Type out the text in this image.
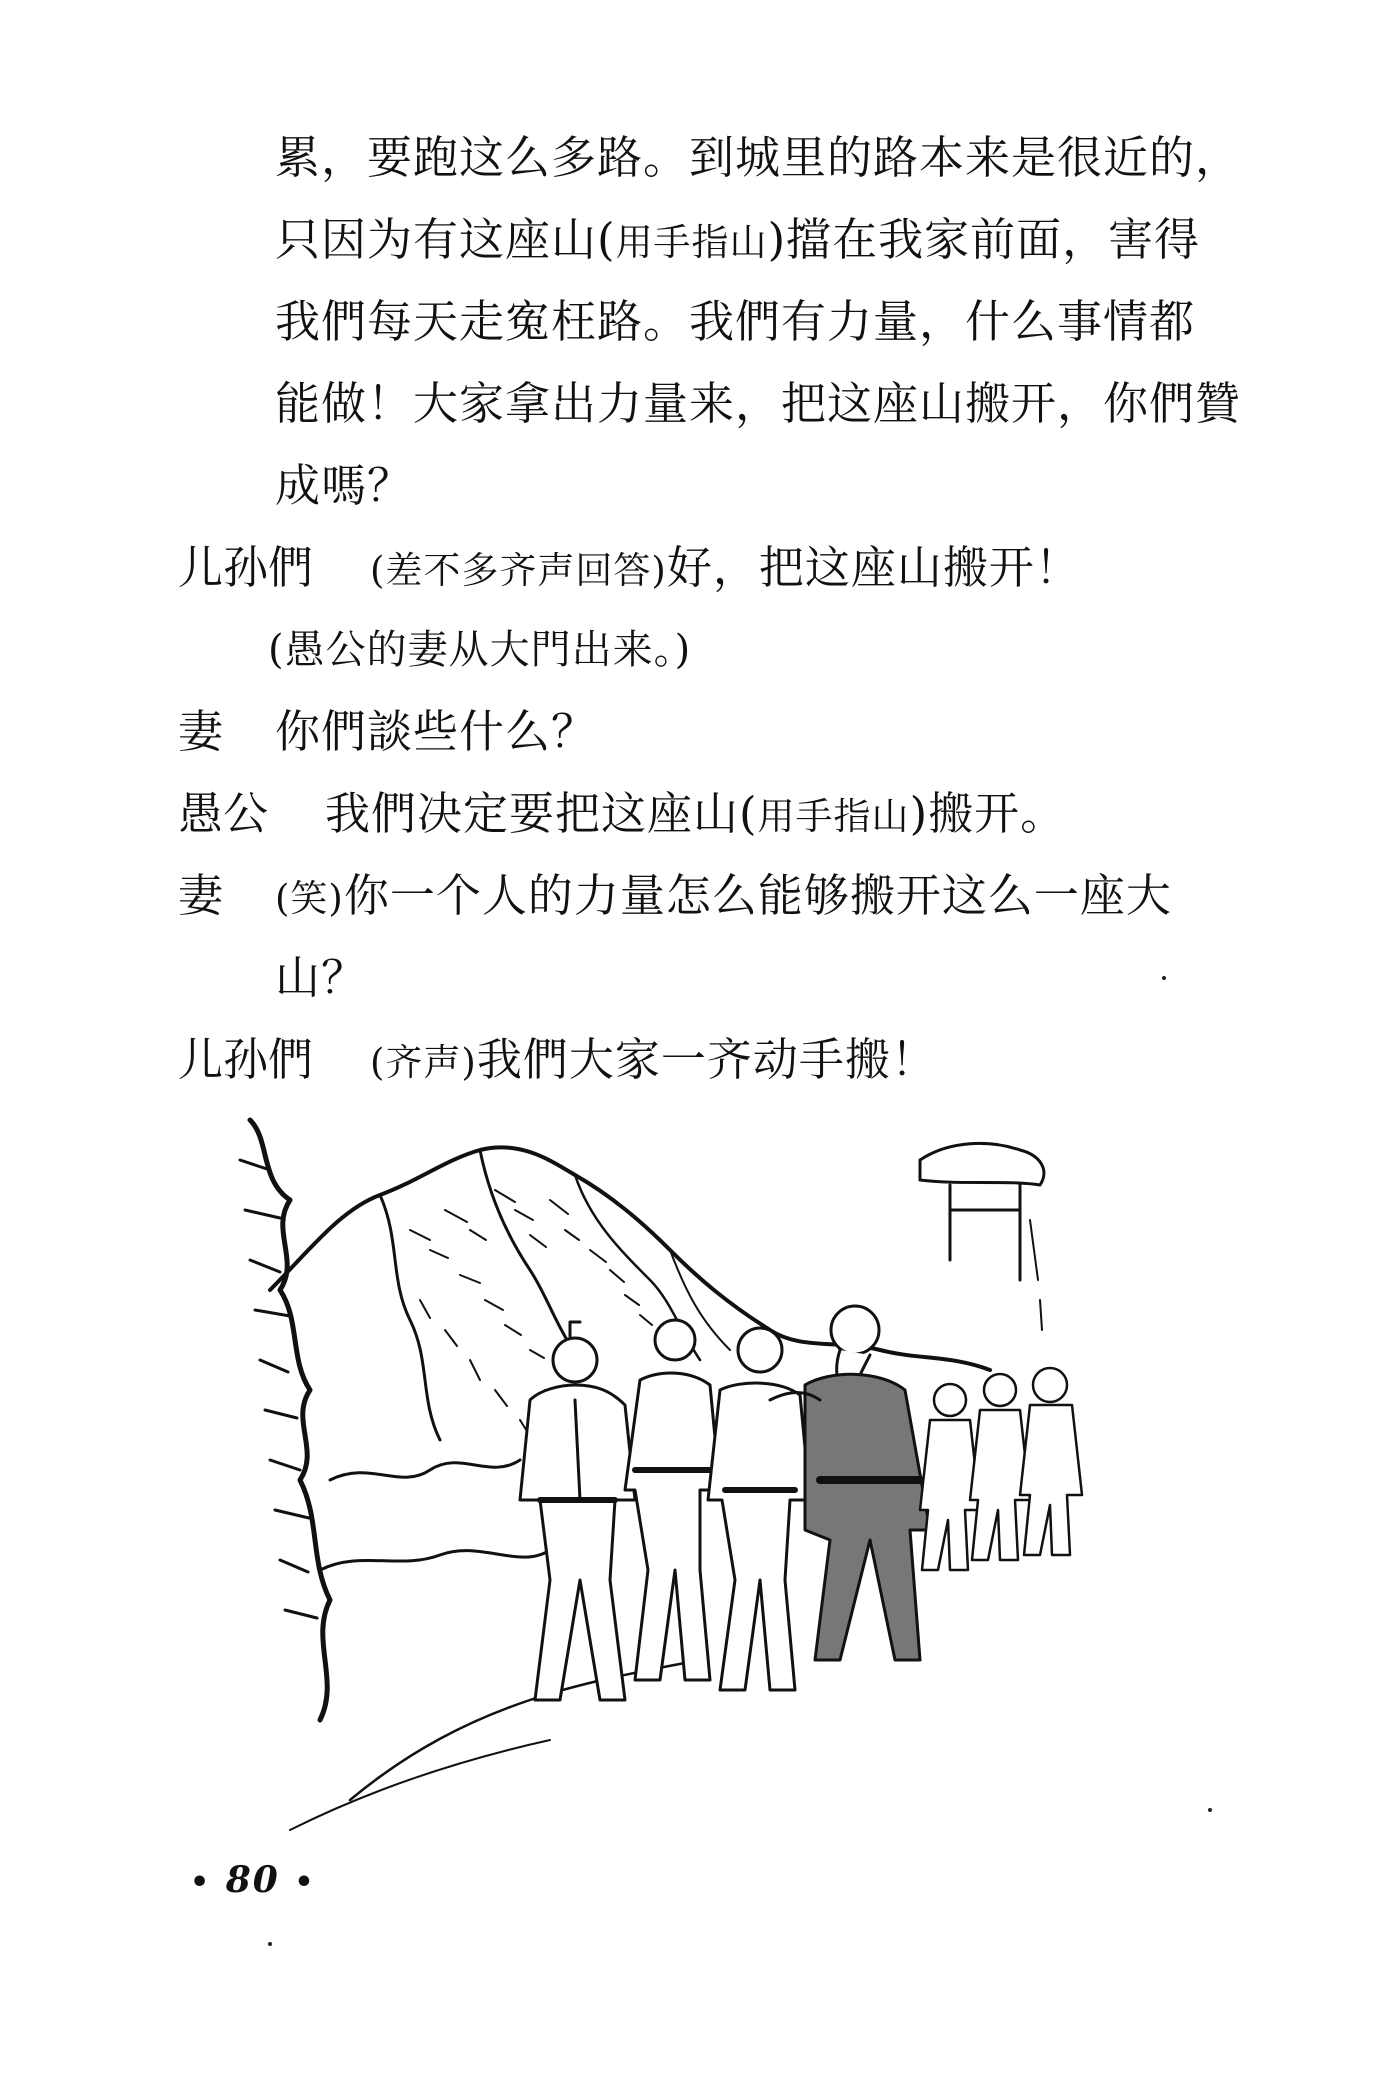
累，要跑这么多路。到城里的路本来是很近的，
只因为有这座山(用手指山)擋在我家前面，害得
我們每天走寃枉路。我們有力量，什么事情都
能做！大家拿出力量来，把这座山搬开，你們贊
成嗎？
儿孙們 (差不多齐声回答)好，把这座山搬开！
(愚公的妻从大門出来。)
妻 你們談些什么？
愚公 我們决定要把这座山(用手指山)搬开。
妻 (笑)你一个人的力量怎么能够搬开这么一座大
山？
儿孙們 (齐声)我們大家一齐动手搬！
• 80 •
